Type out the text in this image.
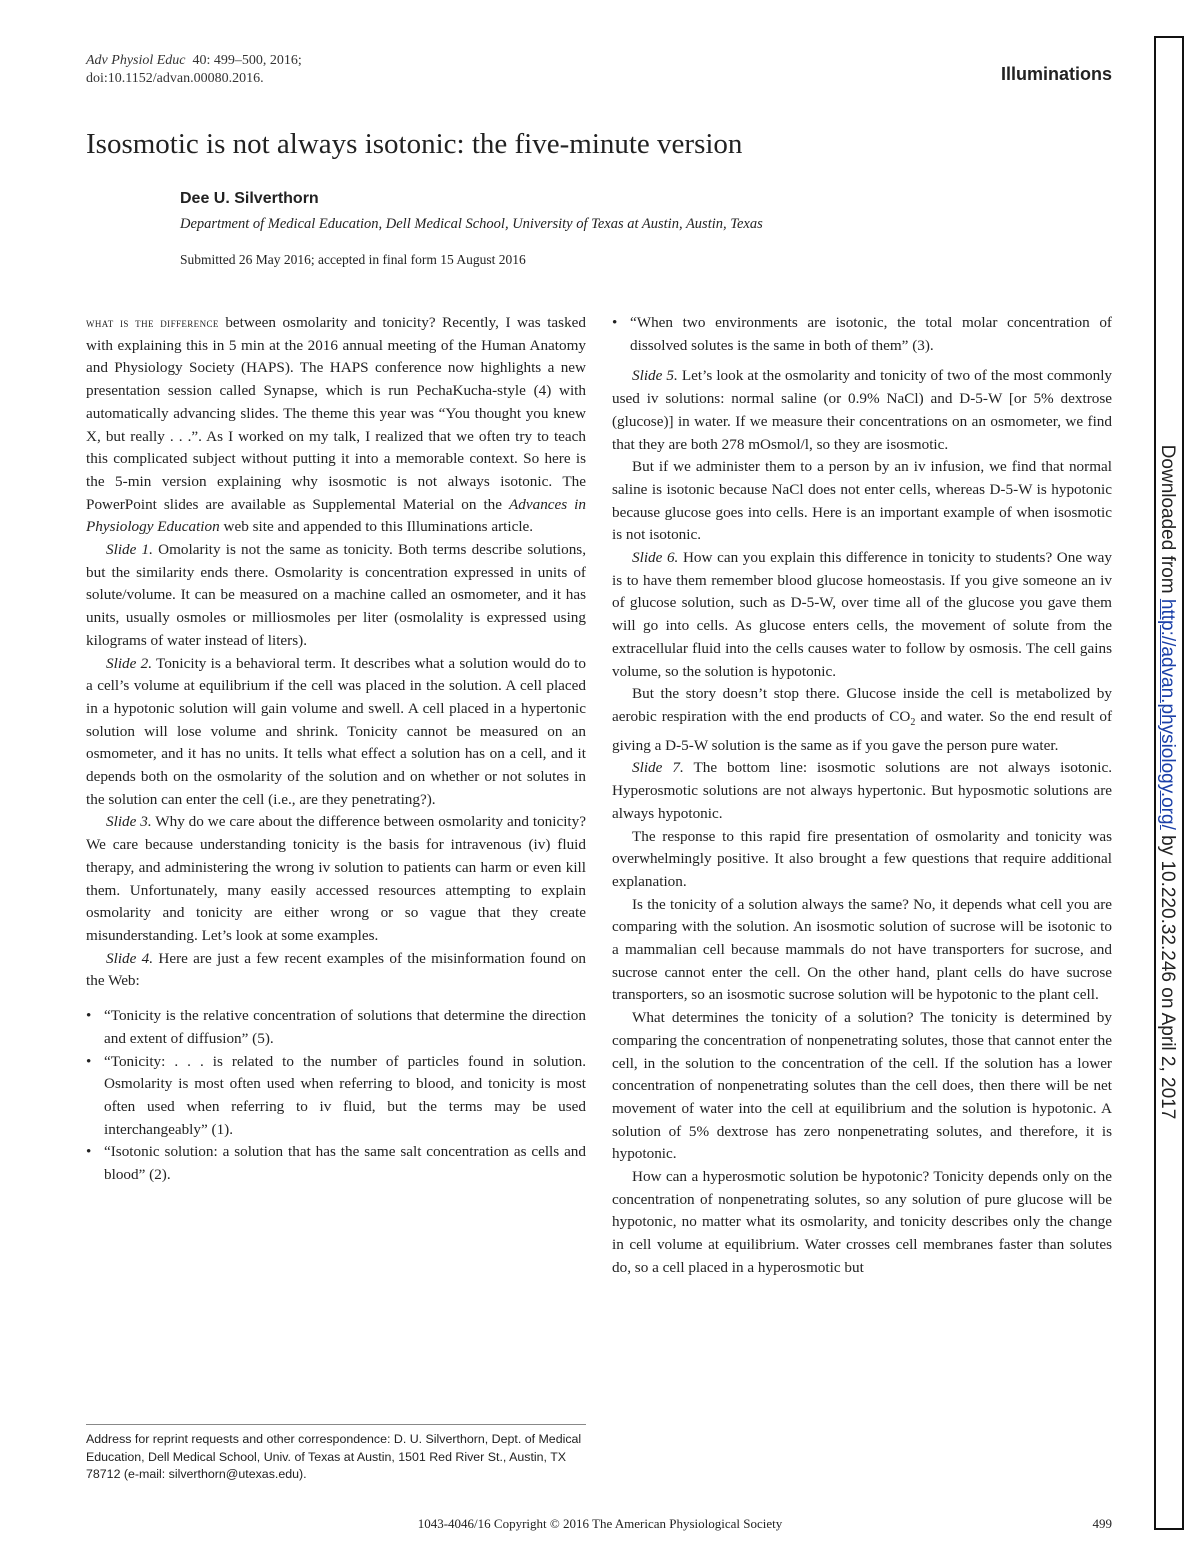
Adv Physiol Educ 40: 499–500, 2016;
doi:10.1152/advan.00080.2016.	Illuminations
Isosmotic is not always isotonic: the five-minute version
Dee U. Silverthorn
Department of Medical Education, Dell Medical School, University of Texas at Austin, Austin, Texas
Submitted 26 May 2016; accepted in final form 15 August 2016

what is the difference between osmolarity and tonicity? Recently, I was tasked with explaining this in 5 min at the 2016 annual meeting of the Human Anatomy and Physiology Society (HAPS). The HAPS conference now highlights a new presentation session called Synapse, which is run PechaKucha-style (4) with automatically advancing slides. The theme this year was “You thought you knew X, but really . . .”. As I worked on my talk, I realized that we often try to teach this complicated subject without putting it into a memorable context. So here is the 5-min version explaining why isosmotic is not always isotonic. The PowerPoint slides are available as Supplemental Material on the Advances in Physiology Education web site and appended to this Illuminations article.

Slide 1. Omolarity is not the same as tonicity. Both terms describe solutions, but the similarity ends there. Osmolarity is concentration expressed in units of solute/volume. It can be measured on a machine called an osmometer, and it has units, usually osmoles or milliosmoles per liter (osmolality is expressed using kilograms of water instead of liters).

Slide 2. Tonicity is a behavioral term. It describes what a solution would do to a cell’s volume at equilibrium if the cell was placed in the solution. A cell placed in a hypotonic solution will gain volume and swell. A cell placed in a hypertonic solution will lose volume and shrink. Tonicity cannot be measured on an osmometer, and it has no units. It tells what effect a solution has on a cell, and it depends both on the osmolarity of the solution and on whether or not solutes in the solution can enter the cell (i.e., are they penetrating?).

Slide 3. Why do we care about the difference between osmolarity and tonicity? We care because understanding tonicity is the basis for intravenous (iv) fluid therapy, and administering the wrong iv solution to patients can harm or even kill them. Unfortunately, many easily accessed resources attempting to explain osmolarity and tonicity are either wrong or so vague that they create misunderstanding. Let’s look at some examples.

Slide 4. Here are just a few recent examples of the misinformation found on the Web:

• “Tonicity is the relative concentration of solutions that determine the direction and extent of diffusion” (5).
• “Tonicity: . . . is related to the number of particles found in solution. Osmolarity is most often used when referring to blood, and tonicity is most often used when referring to iv fluid, but the terms may be used interchangeably” (1).
• “Isotonic solution: a solution that has the same salt concentration as cells and blood” (2).
• “When two environments are isotonic, the total molar concentration of dissolved solutes is the same in both of them” (3).

Slide 5. Let’s look at the osmolarity and tonicity of two of the most commonly used iv solutions: normal saline (or 0.9% NaCl) and D-5-W [or 5% dextrose (glucose)] in water. If we measure their concentrations on an osmometer, we find that they are both 278 mOsmol/l, so they are isosmotic.

But if we administer them to a person by an iv infusion, we find that normal saline is isotonic because NaCl does not enter cells, whereas D-5-W is hypotonic because glucose goes into cells. Here is an important example of when isosmotic is not isotonic.

Slide 6. How can you explain this difference in tonicity to students? One way is to have them remember blood glucose homeostasis. If you give someone an iv of glucose solution, such as D-5-W, over time all of the glucose you gave them will go into cells. As glucose enters cells, the movement of solute from the extracellular fluid into the cells causes water to follow by osmosis. The cell gains volume, so the solution is hypotonic.

But the story doesn’t stop there. Glucose inside the cell is metabolized by aerobic respiration with the end products of $CO_2$ and water. So the end result of giving a D-5-W solution is the same as if you gave the person pure water.

Slide 7. The bottom line: isosmotic solutions are not always isotonic. Hyperosmotic solutions are not always hypertonic. But hyposmotic solutions are always hypotonic.

The response to this rapid fire presentation of osmolarity and tonicity was overwhelmingly positive. It also brought a few questions that require additional explanation.

Is the tonicity of a solution always the same? No, it depends what cell you are comparing with the solution. An isosmotic solution of sucrose will be isotonic to a mammalian cell because mammals do not have transporters for sucrose, and sucrose cannot enter the cell. On the other hand, plant cells do have sucrose transporters, so an isosmotic sucrose solution will be hypotonic to the plant cell.

What determines the tonicity of a solution? The tonicity is determined by comparing the concentration of nonpenetrating solutes, those that cannot enter the cell, in the solution to the concentration of the cell. If the solution has a lower concentration of nonpenetrating solutes than the cell does, then there will be net movement of water into the cell at equilibrium and the solution is hypotonic. A solution of 5% dextrose has zero nonpenetrating solutes, and therefore, it is hypotonic.

How can a hyperosmotic solution be hypotonic? Tonicity depends only on the concentration of nonpenetrating solutes, so any solution of pure glucose will be hypotonic, no matter what its osmolarity, and tonicity describes only the change in cell volume at equilibrium. Water crosses cell membranes faster than solutes do, so a cell placed in a hyperosmotic but

Address for reprint requests and other correspondence: D. U. Silverthorn, Dept. of Medical Education, Dell Medical School, Univ. of Texas at Austin, 1501 Red River St., Austin, TX 78712 (e-mail: silverthorn@utexas.edu).
1043-4046/16 Copyright © 2016 The American Physiological Society	499
Downloaded from http://advan.physiology.org/ by 10.220.32.246 on April 2, 2017
